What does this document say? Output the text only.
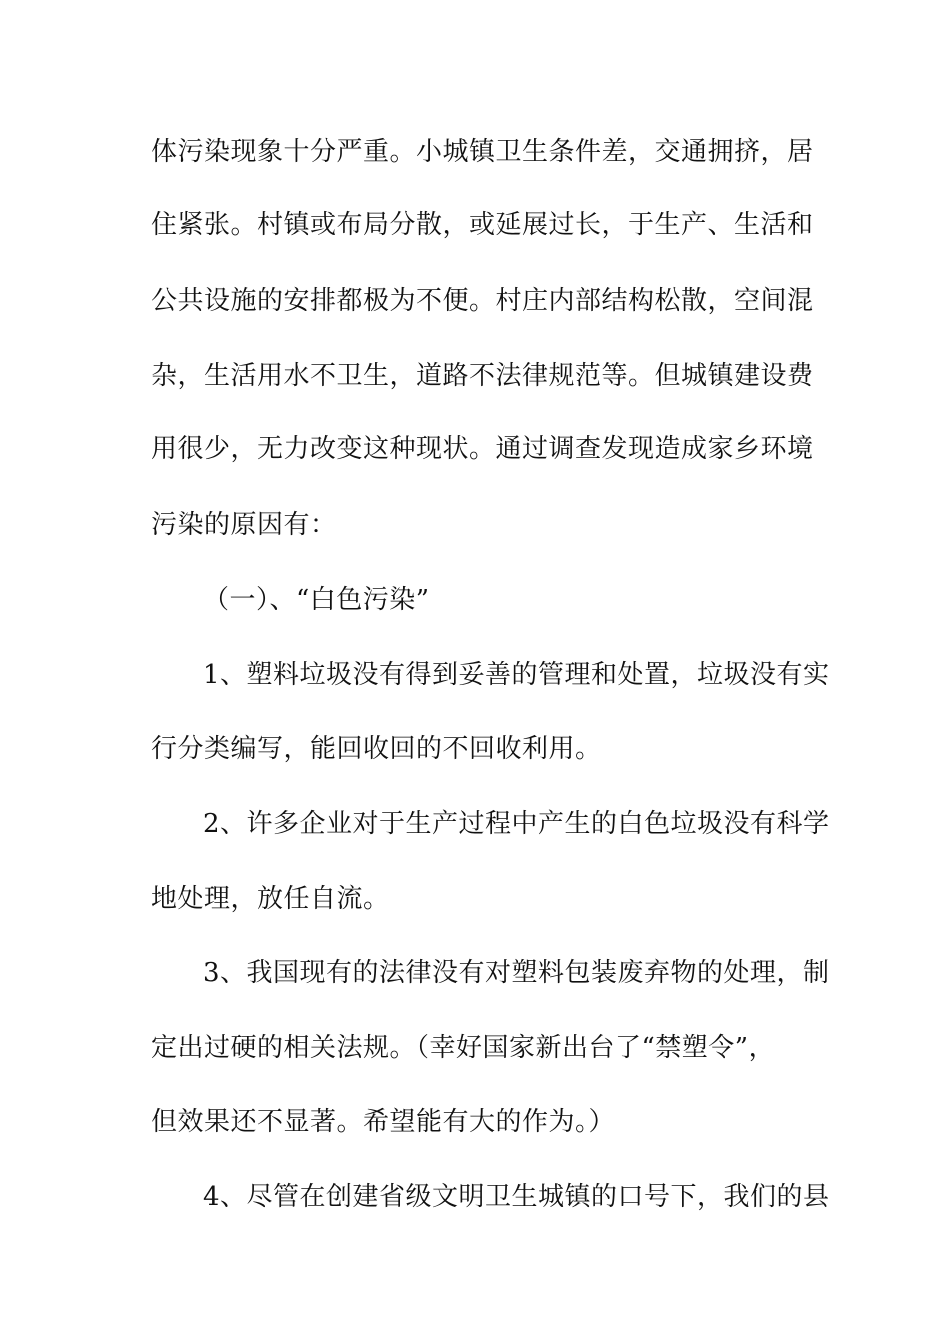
体污染现象十分严重。小城镇卫生条件差，交通拥挤，居
住紧张。村镇或布局分散，或延展过长，于生产、生活和
公共设施的安排都极为不便。村庄内部结构松散，空间混
杂，生活用水不卫生，道路不法律规范等。但城镇建设费
用很少，无力改变这种现状。通过调查发现造成家乡环境
污染的原因有：
（一）、“白色污染”
1、塑料垃圾没有得到妥善的管理和处置，垃圾没有实
行分类编写，能回收回的不回收利用。
2、许多企业对于生产过程中产生的白色垃圾没有科学
地处理，放任自流。
3、我国现有的法律没有对塑料包装废弃物的处理，制
定出过硬的相关法规。（幸好国家新出台了“禁塑令”，
但效果还不显著。希望能有大的作为。）
4、尽管在创建省级文明卫生城镇的口号下，我们的县
